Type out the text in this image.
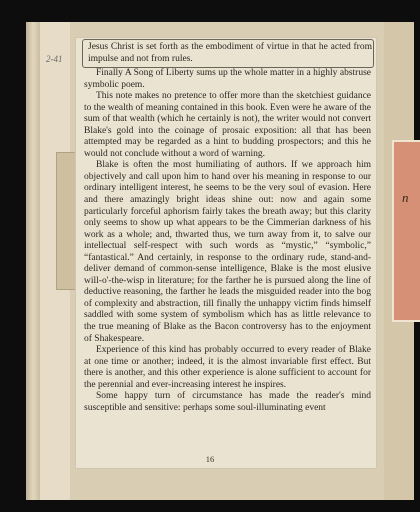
2-41
n
Jesus Christ is set forth as the embodiment of virtue in that he acted from impulse and not from rules.

Finally A Song of Liberty sums up the whole matter in a highly abstruse symbolic poem.

This note makes no pretence to offer more than the sketchiest guidance to the wealth of meaning contained in this book. Even were he aware of the sum of that wealth (which he certainly is not), the writer would not convert Blake's gold into the coinage of prosaic exposition: all that has been attempted may be regarded as a hint to budding prospectors; and this he would not conclude without a word of warning.

Blake is often the most humiliating of authors. If we approach him objectively and call upon him to hand over his meaning in response to our ordinary intelligent interest, he seems to be the very soul of evasion. Here and there amazingly bright ideas shine out: now and again some particularly forceful aphorism fairly takes the breath away; but this clarity only seems to show up what appears to be the Cimmerian darkness of his work as a whole; and, thwarted thus, we turn away from it, to salve our intellectual self-respect with such words as “mystic,” “symbolic,” “fantastical.” And certainly, in response to the ordinary rude, stand-and-deliver demand of common-sense intelligence, Blake is the most elusive will-o'-the-wisp in literature; for the farther he is pursued along the line of deductive reasoning, the farther he leads the misguided reader into the bog of complexity and abstraction, till finally the unhappy victim finds himself saddled with some system of symbolism which has as little relevance to the true meaning of Blake as the Bacon controversy has to the enjoyment of Shakespeare.

Experience of this kind has probably occurred to every reader of Blake at one time or another; indeed, it is the almost invariable first effect. But there is another, and this other experience is alone sufficient to account for the perennial and ever-increasing interest he inspires.

Some happy turn of circumstance has made the reader's mind susceptible and sensitive: perhaps some soul-illuminating event

16
